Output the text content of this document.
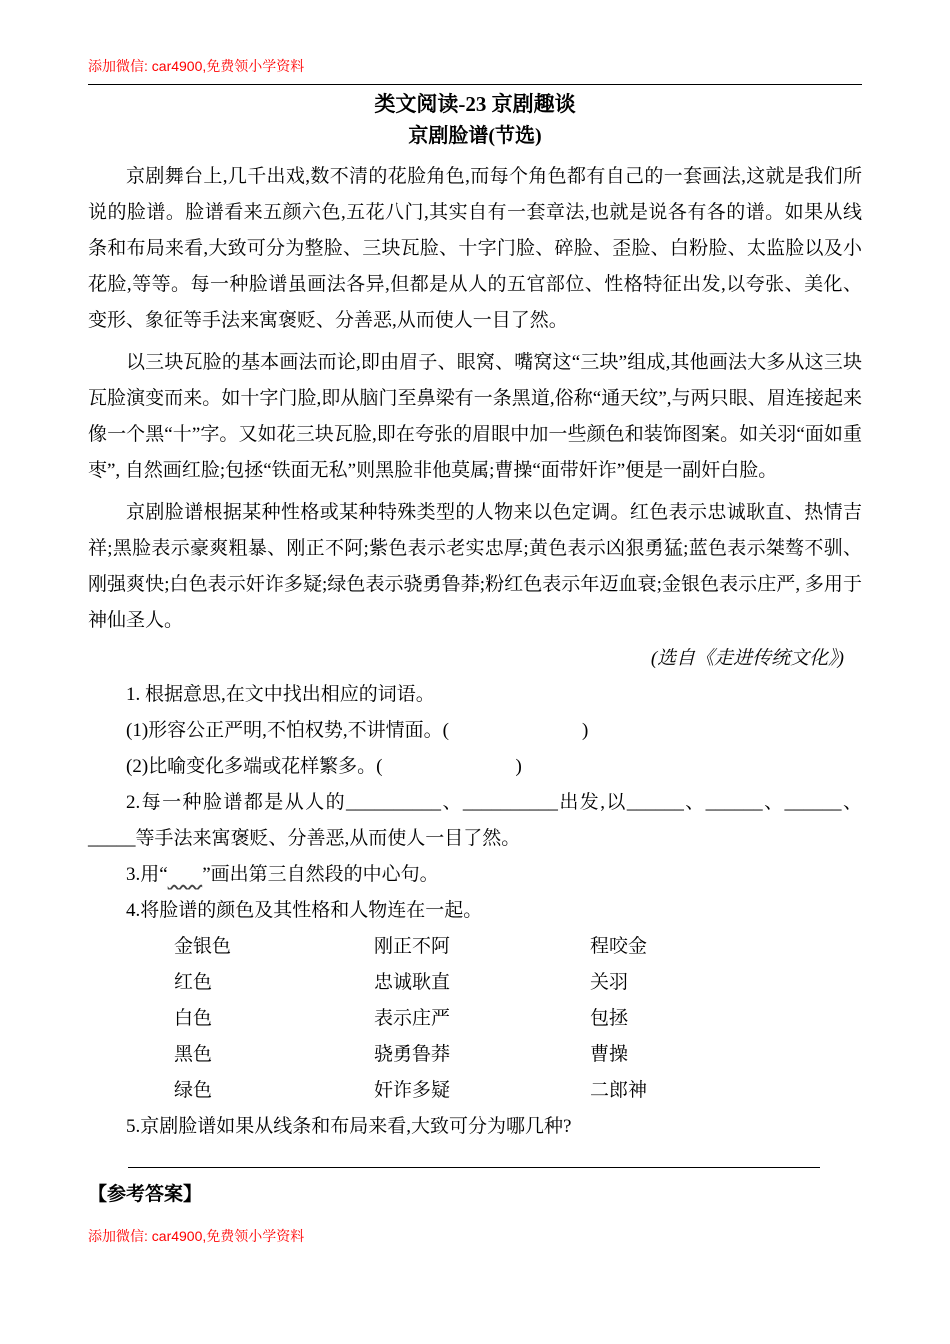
添加微信: car4900,免费领小学资料
类文阅读-23 京剧趣谈
京剧脸谱(节选)

京剧舞台上,几千出戏,数不清的花脸角色,而每个角色都有自己的一套画法,这就是我们所说的脸谱。脸谱看来五颜六色,五花八门,其实自有一套章法,也就是说各有各的谱。如果从线条和布局来看,大致可分为整脸、三块瓦脸、十字门脸、碎脸、歪脸、白粉脸、太监脸以及小花脸,等等。每一种脸谱虽画法各异,但都是从人的五官部位、性格特征出发,以夸张、美化、变形、象征等手法来寓褒贬、分善恶,从而使人一目了然。

以三块瓦脸的基本画法而论,即由眉子、眼窝、嘴窝这“三块”组成,其他画法大多从这三块瓦脸演变而来。如十字门脸,即从脑门至鼻梁有一条黑道,俗称“通天纹”,与两只眼、眉连接起来像一个黑“十”字。又如花三块瓦脸,即在夸张的眉眼中加一些颜色和装饰图案。如关羽“面如重枣”, 自然画红脸;包拯“铁面无私”则黑脸非他莫属;曹操“面带奸诈”便是一副奸白脸。

京剧脸谱根据某种性格或某种特殊类型的人物来以色定调。红色表示忠诚耿直、热情吉祥;黑脸表示豪爽粗暴、刚正不阿;紫色表示老实忠厚;黄色表示凶狠勇猛;蓝色表示桀骜不驯、刚强爽快;白色表示奸诈多疑;绿色表示骁勇鲁莽;粉红色表示年迈血衰;金银色表示庄严, 多用于神仙圣人。

(选自《走进传统文化》)

1. 根据意思,在文中找出相应的词语。

(1)形容公正严明,不怕权势,不讲情面。(　　　　　　　)

(2)比喻变化多端或花样繁多。(　　　　　　　)

2.每一种脸谱都是从人的__________、__________出发,以______、______、______、_____等手法来寓褒贬、分善恶,从而使人一目了然。

3.用“ ”画出第三自然段的中心句。

4.将脸谱的颜色及其性格和人物连在一起。

金银色	刚正不阿	程咬金
红色	忠诚耿直	关羽
白色	表示庄严	包拯
黑色	骁勇鲁莽	曹操
绿色	奸诈多疑	二郎神

5.京剧脸谱如果从线条和布局来看,大致可分为哪几种?

【参考答案】
添加微信: car4900,免费领小学资料
